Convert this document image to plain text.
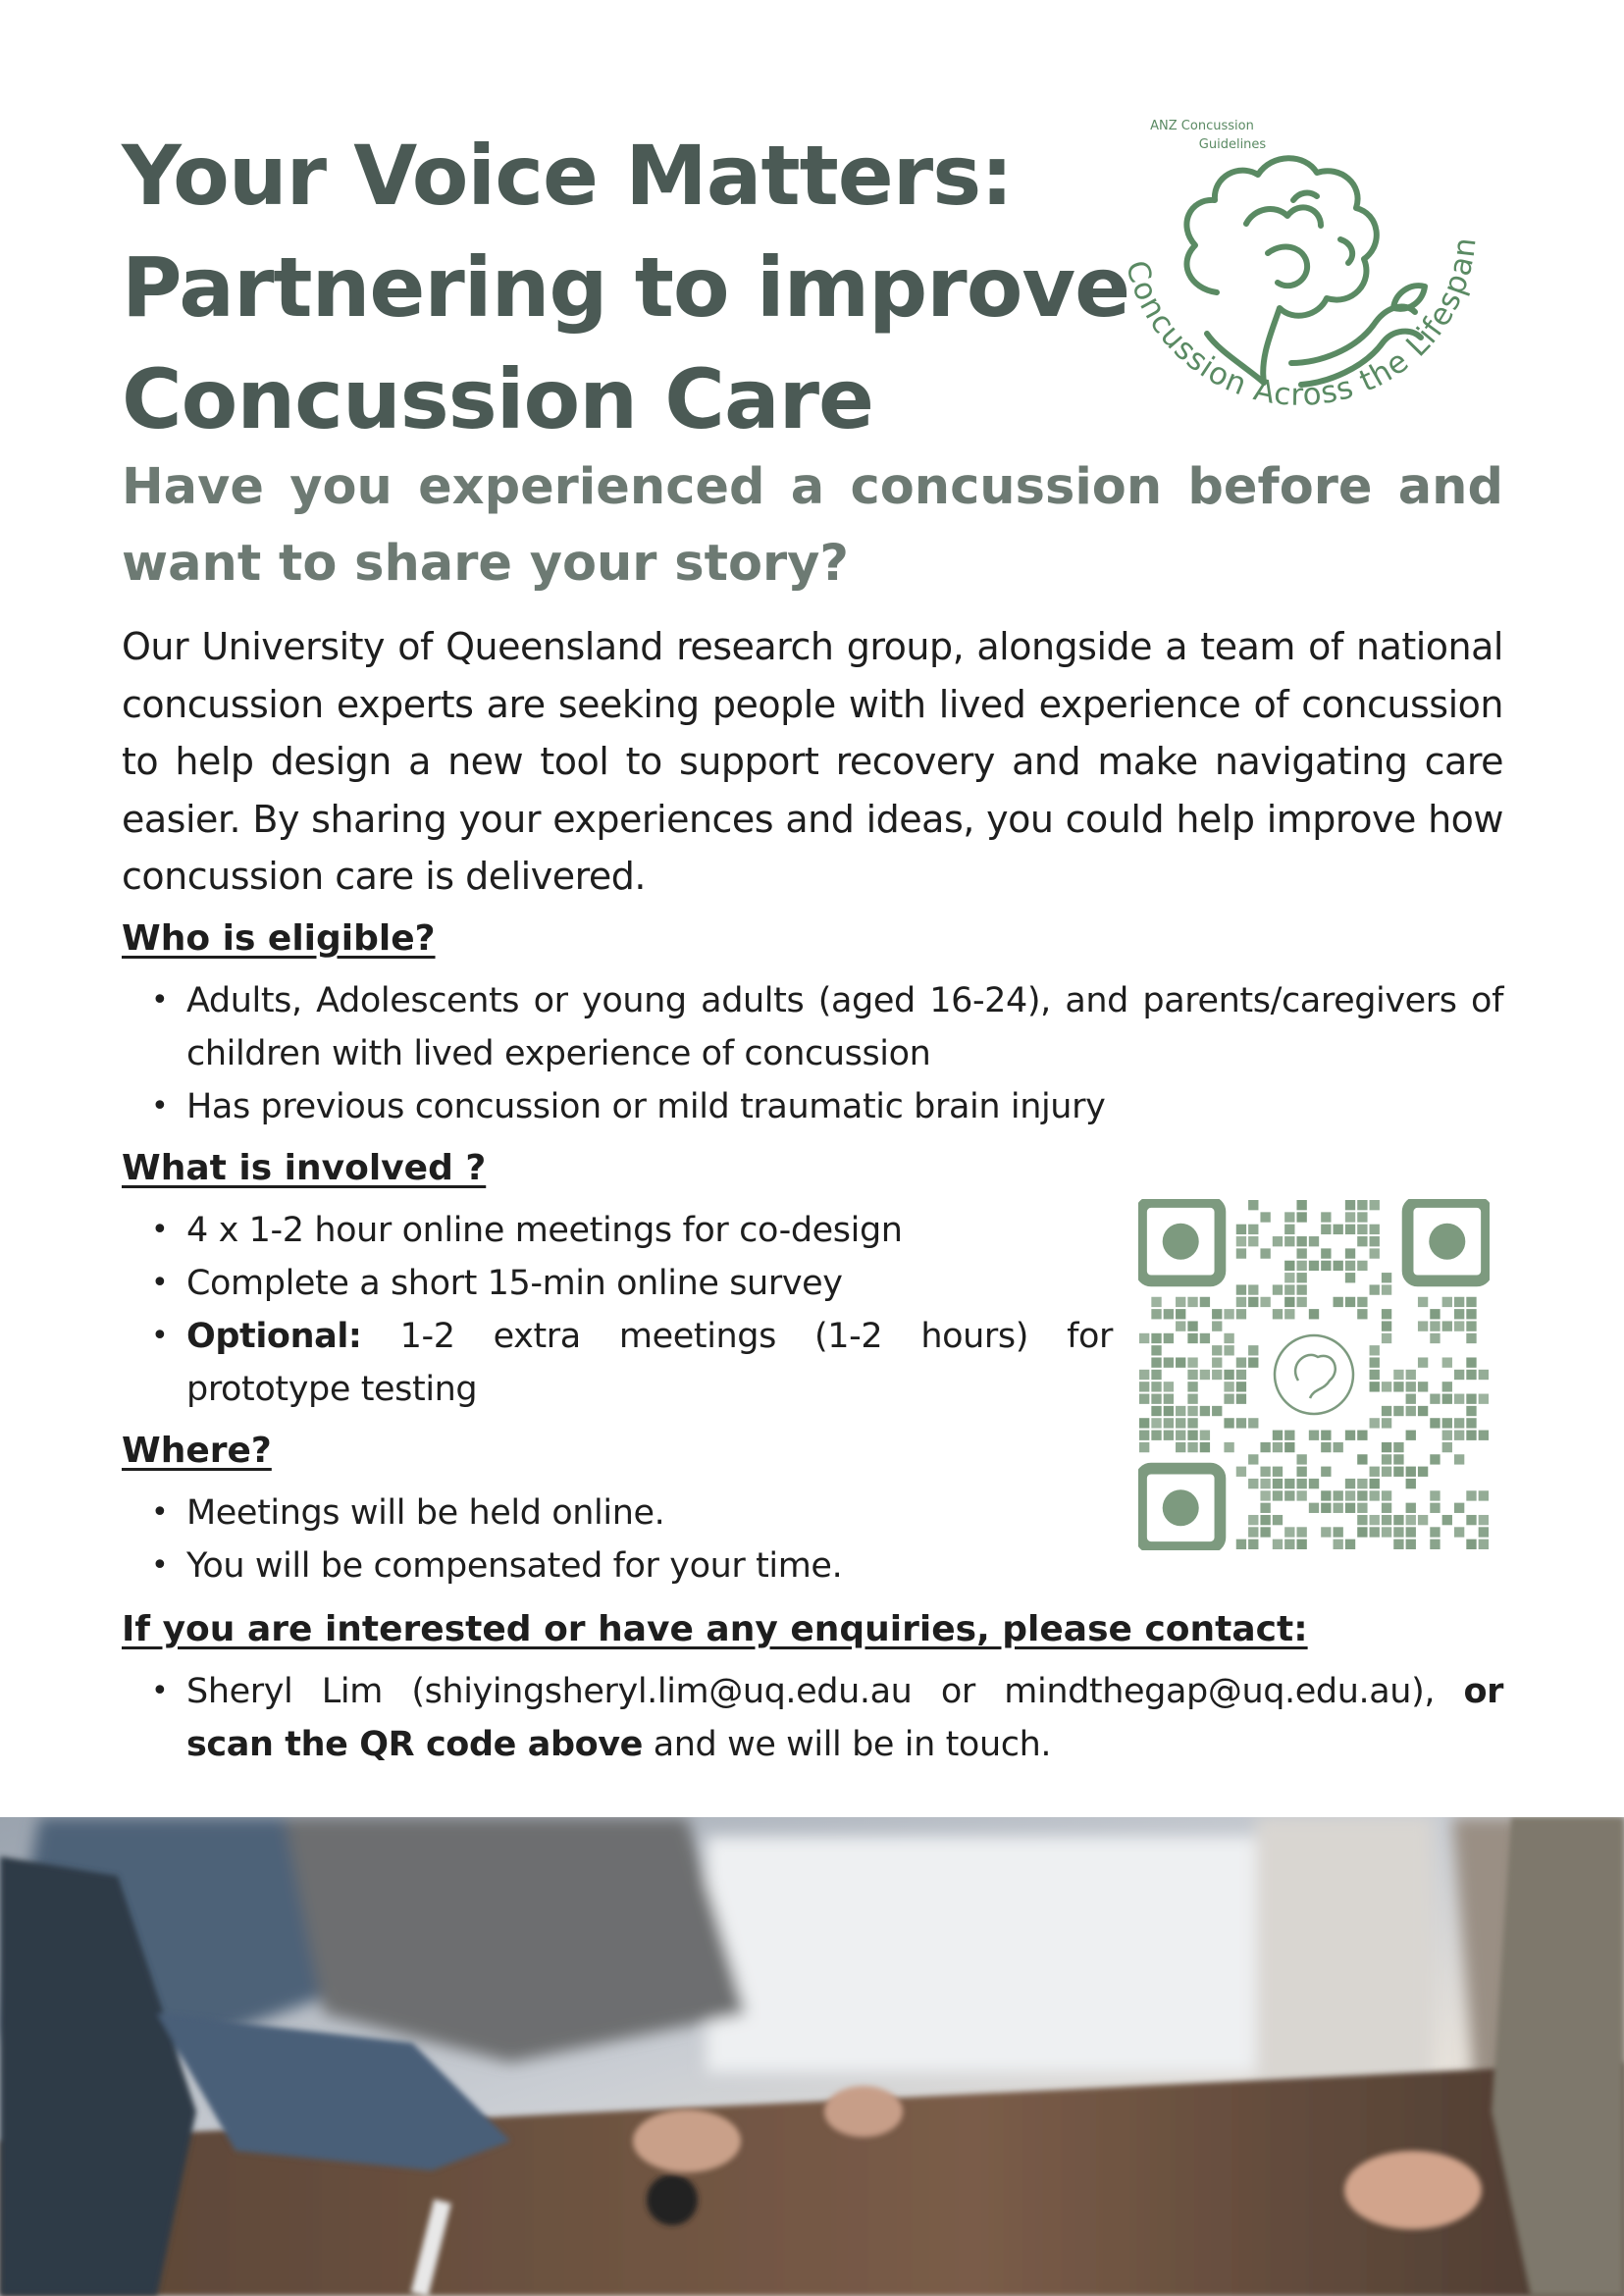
Your Voice Matters:
Partnering to improve
Concussion Care
ANZ Concussion
Guidelines
Concussion Across the Lifespan
Have you experienced a concussion before and want to share your story?

Our University of Queensland research group, alongside a team of national concussion experts are seeking people with lived experience of concussion to help design a new tool to support recovery and make navigating care easier. By sharing your experiences and ideas, you could help improve how concussion care is delivered.

Who is eligible?
• Adults, Adolescents or young adults (aged 16-24), and parents/caregivers of children with lived experience of concussion
• Has previous concussion or mild traumatic brain injury
What is involved ?
• 4 x 1-2 hour online meetings for co-design
• Complete a short 15-min online survey
• Optional: 1-2 extra meetings (1-2 hours) for prototype testing
Where?
• Meetings will be held online.
• You will be compensated for your time.
If you are interested or have any enquiries, please contact:
• Sheryl Lim (shiyingsheryl.lim@uq.edu.au or mindthegap@uq.edu.au), or scan the QR code above and we will be in touch.
